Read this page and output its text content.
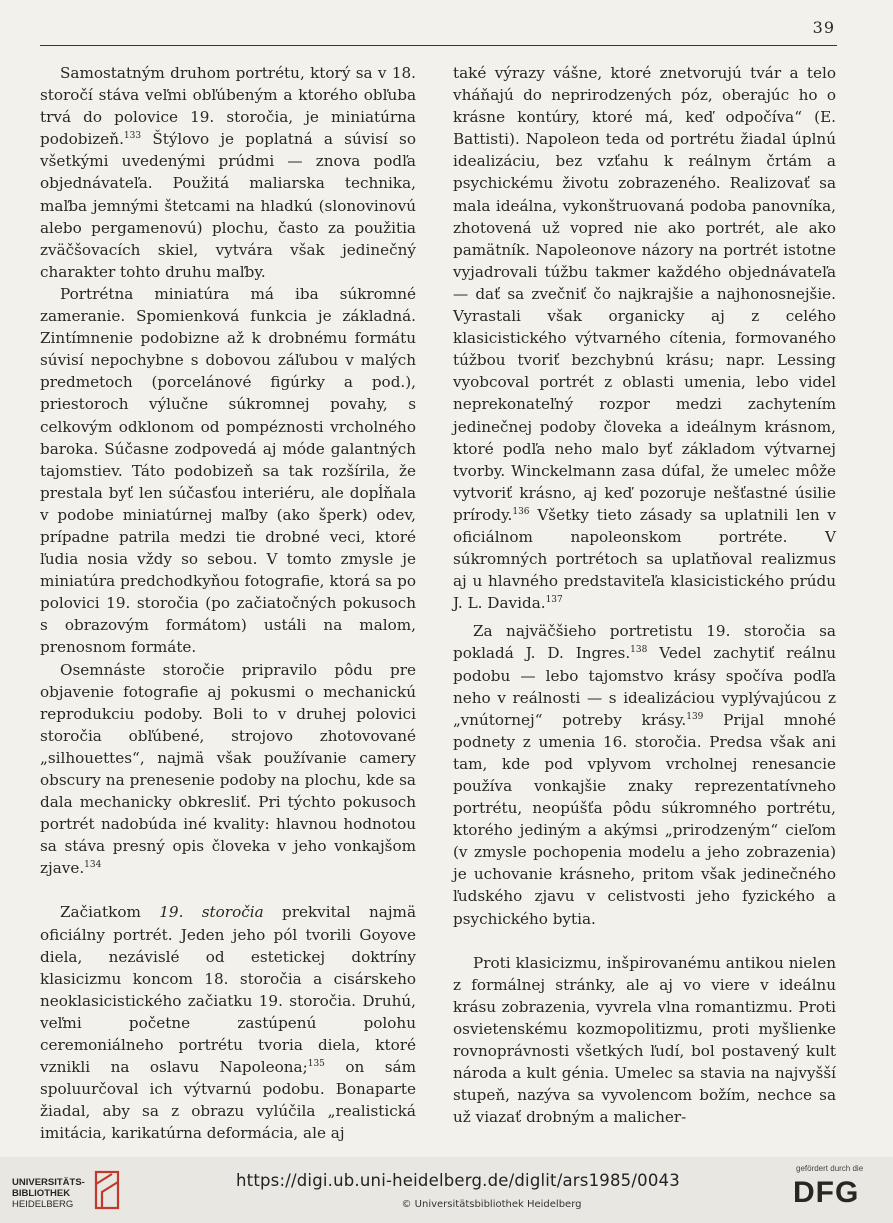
39

Samostatným druhom portrétu, ktorý sa v 18. storočí stáva veľmi obľúbeným a ktorého obľuba trvá do polovice 19. storočia, je miniatúrna podobizeň.$^{133}$ Štýlovo je poplatná a súvisí so všetkými uvedenými prúdmi — znova podľa objednávateľa. Použitá maliarska technika, maľba jemnými štetcami na hladkú (slonovinovú alebo pergamenovú) plochu, často za použitia zväčšovacích skiel, vytvára však jedinečný charakter tohto druhu maľby.

Portrétna miniatúra má iba súkromné zameranie. Spomienková funkcia je základná. Zintímnenie podobizne až k drobnému formátu súvisí nepochybne s dobovou záľubou v malých predmetoch (porcelánové figúrky a pod.), priestoroch výlučne súkromnej povahy, s celkovým odklonom od pompéznosti vrcholného baroka. Súčasne zodpovedá aj móde galantných tajomstiev. Táto podobizeň sa tak rozšírila, že prestala byť len súčasťou interiéru, ale dopĺňala v podobe miniatúrnej maľby (ako šperk) odev, prípadne patrila medzi tie drobné veci, ktoré ľudia nosia vždy so sebou. V tomto zmysle je miniatúra predchodkyňou fotografie, ktorá sa po polovici 19. storočia (po začiatočných pokusoch s obrazovým formátom) ustáli na malom, prenosnom formáte.

Osemnáste storočie pripravilo pôdu pre objavenie fotografie aj pokusmi o mechanickú reprodukciu podoby. Boli to v druhej polovici storočia obľúbené, strojovo zhotovované „silhouettes“, najmä však používanie camery obscury na prenesenie podoby na plochu, kde sa dala mechanicky obkresliť. Pri týchto pokusoch portrét nadobúda iné kvality: hlavnou hodnotou sa stáva presný opis človeka v jeho vonkajšom zjave.$^{134}$

Začiatkom 19. storočia prekvital najmä oficiálny portrét. Jeden jeho pól tvorili Goyove diela, nezávislé od estetickej doktríny klasicizmu koncom 18. storočia a cisárskeho neoklasicistického začiatku 19. storočia. Druhú, veľmi početne zastúpenú polohu ceremoniálneho portrétu tvoria diela, ktoré vznikli na oslavu Napoleona;$^{135}$ on sám spoluurčoval ich výtvarnú podobu. Bonaparte žiadal, aby sa z obrazu vylúčila „realistická imitácia, karikatúrna deformácia, ale aj

také výrazy vášne, ktoré znetvorujú tvár a telo vháňajú do neprirodzených póz, oberajúc ho o krásne kontúry, ktoré má, keď odpočíva“ (E. Battisti). Napoleon teda od portrétu žiadal úplnú idealizáciu, bez vzťahu k reálnym črtám a psychickému životu zobrazeného. Realizovať sa mala ideálna, vykonštruovaná podoba panovníka, zhotovená už vopred nie ako portrét, ale ako pamätník. Napoleonove názory na portrét istotne vyjadrovali túžbu takmer každého objednávateľa — dať sa zvečniť čo najkrajšie a najhonosnejšie. Vyrastali však organicky aj z celého klasicistického výtvarného cítenia, formovaného túžbou tvoriť bezchybnú krásu; napr. Lessing vyobcoval portrét z oblasti umenia, lebo videl neprekonateľný rozpor medzi zachytením jedinečnej podoby človeka a ideálnym krásnom, ktoré podľa neho malo byť základom výtvarnej tvorby. Winckelmann zasa dúfal, že umelec môže vytvoriť krásno, aj keď pozoruje nešťastné úsilie prírody.$^{136}$ Všetky tieto zásady sa uplatnili len v oficiálnom napoleonskom portréte. V súkromných portrétoch sa uplatňoval realizmus aj u hlavného predstaviteľa klasicistického prúdu J. L. Davida.$^{137}$

Za najväčšieho portretistu 19. storočia sa pokladá J. D. Ingres.$^{138}$ Vedel zachytiť reálnu podobu — lebo tajomstvo krásy spočíva podľa neho v reálnosti — s idealizáciou vyplývajúcou z „vnútornej“ potreby krásy.$^{139}$ Prijal mnohé podnety z umenia 16. storočia. Predsa však ani tam, kde pod vplyvom vrcholnej renesancie používa vonkajšie znaky reprezentatívneho portrétu, neopúšťa pôdu súkromného portrétu, ktorého jediným a akýmsi „prirodzeným“ cieľom (v zmysle pochopenia modelu a jeho zobrazenia) je uchovanie krásneho, pritom však jedinečného ľudského zjavu v celistvosti jeho fyzického a psychického bytia.

Proti klasicizmu, inšpirovanému antikou nielen z formálnej stránky, ale aj vo viere v ideálnu krásu zobrazenia, vyvrela vlna romantizmu. Proti osvietenskému kozmopolitizmu, proti myšlienke rovnoprávnosti všetkých ľudí, bol postavený kult národa a kult génia. Umelec sa stavia na najvyšší stupeň, nazýva sa vyvolencom božím, nechce sa už viazať drobným a malicher-

UNIVERSITÄTS-
BIBLIOTHEK
HEIDELBERG
https://digi.ub.uni-heidelberg.de/diglit/ars1985/0043
© Universitätsbibliothek Heidelberg
gefördert durch die
DFG
